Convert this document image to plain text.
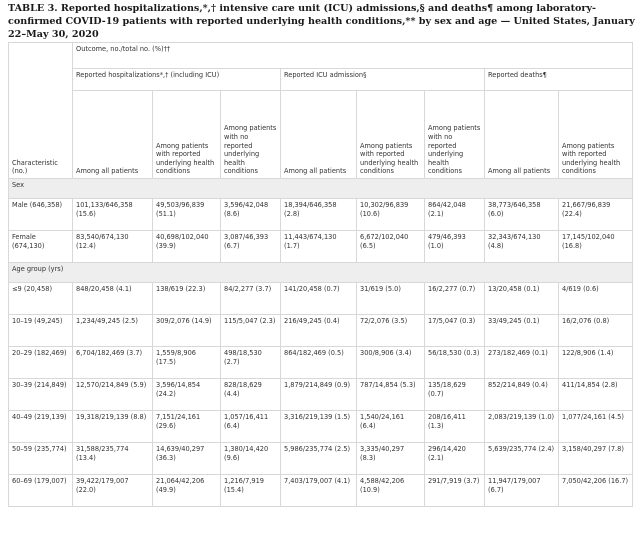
TABLE 3. Reported hospitalizations,*,† intensive care unit (ICU) admissions,§ and deaths¶ among laboratory-confirmed COVID-19 patients with reported underlying health conditions,** by sex and age — United States, January 22–May 30, 2020
	Outcome, no./total no. (%)††							
	Reported hospitalizations*,† (including ICU)			Reported ICU admission§			Reported deaths¶	
Characteristic (no.)	Among all patients	Among patients with reported underlying health conditions	Among patients with no reported underlying health conditions	Among all patients	Among patients with reported underlying health conditions	Among patients with no reported underlying health conditions	Among all patients	Among patients with reported underlying health conditions
Sex								
Male (646,358)	101,133/646,358 (15.6)	49,503/96,839 (51.1)	3,596/42,048 (8.6)	18,394/646,358 (2.8)	10,302/96,839 (10.6)	864/42,048 (2.1)	38,773/646,358 (6.0)	21,667/96,839 (22.4)
Female (674,130)	83,540/674,130 (12.4)	40,698/102,040 (39.9)	3,087/46,393 (6.7)	11,443/674,130 (1.7)	6,672/102,040 (6.5)	479/46,393 (1.0)	32,343/674,130 (4.8)	17,145/102,040 (16.8)
Age group (yrs)								
≤9 (20,458)	848/20,458 (4.1)	138/619 (22.3)	84/2,277 (3.7)	141/20,458 (0.7)	31/619 (5.0)	16/2,277 (0.7)	13/20,458 (0.1)	4/619 (0.6)
10–19 (49,245)	1,234/49,245 (2.5)	309/2,076 (14.9)	115/5,047 (2.3)	216/49,245 (0.4)	72/2,076 (3.5)	17/5,047 (0.3)	33/49,245 (0.1)	16/2,076 (0.8)
20–29 (182,469)	6,704/182,469 (3.7)	1,559/8,906 (17.5)	498/18,530 (2.7)	864/182,469 (0.5)	300/8,906 (3.4)	56/18,530 (0.3)	273/182,469 (0.1)	122/8,906 (1.4)
30–39 (214,849)	12,570/214,849 (5.9)	3,596/14,854 (24.2)	828/18,629 (4.4)	1,879/214,849 (0.9)	787/14,854 (5.3)	135/18,629 (0.7)	852/214,849 (0.4)	411/14,854 (2.8)
40–49 (219,139)	19,318/219,139 (8.8)	7,151/24,161 (29.6)	1,057/16,411 (6.4)	3,316/219,139 (1.5)	1,540/24,161 (6.4)	208/16,411 (1.3)	2,083/219,139 (1.0)	1,077/24,161 (4.5)
50–59 (235,774)	31,588/235,774 (13.4)	14,639/40,297 (36.3)	1,380/14,420 (9.6)	5,986/235,774 (2.5)	3,335/40,297 (8.3)	296/14,420 (2.1)	5,639/235,774 (2.4)	3,158/40,297 (7.8)
60–69 (179,007)	39,422/179,007 (22.0)	21,064/42,206 (49.9)	1,216/7,919 (15.4)	7,403/179,007 (4.1)	4,588/42,206 (10.9)	291/7,919 (3.7)	11,947/179,007 (6.7)	7,050/42,206 (16.7)
